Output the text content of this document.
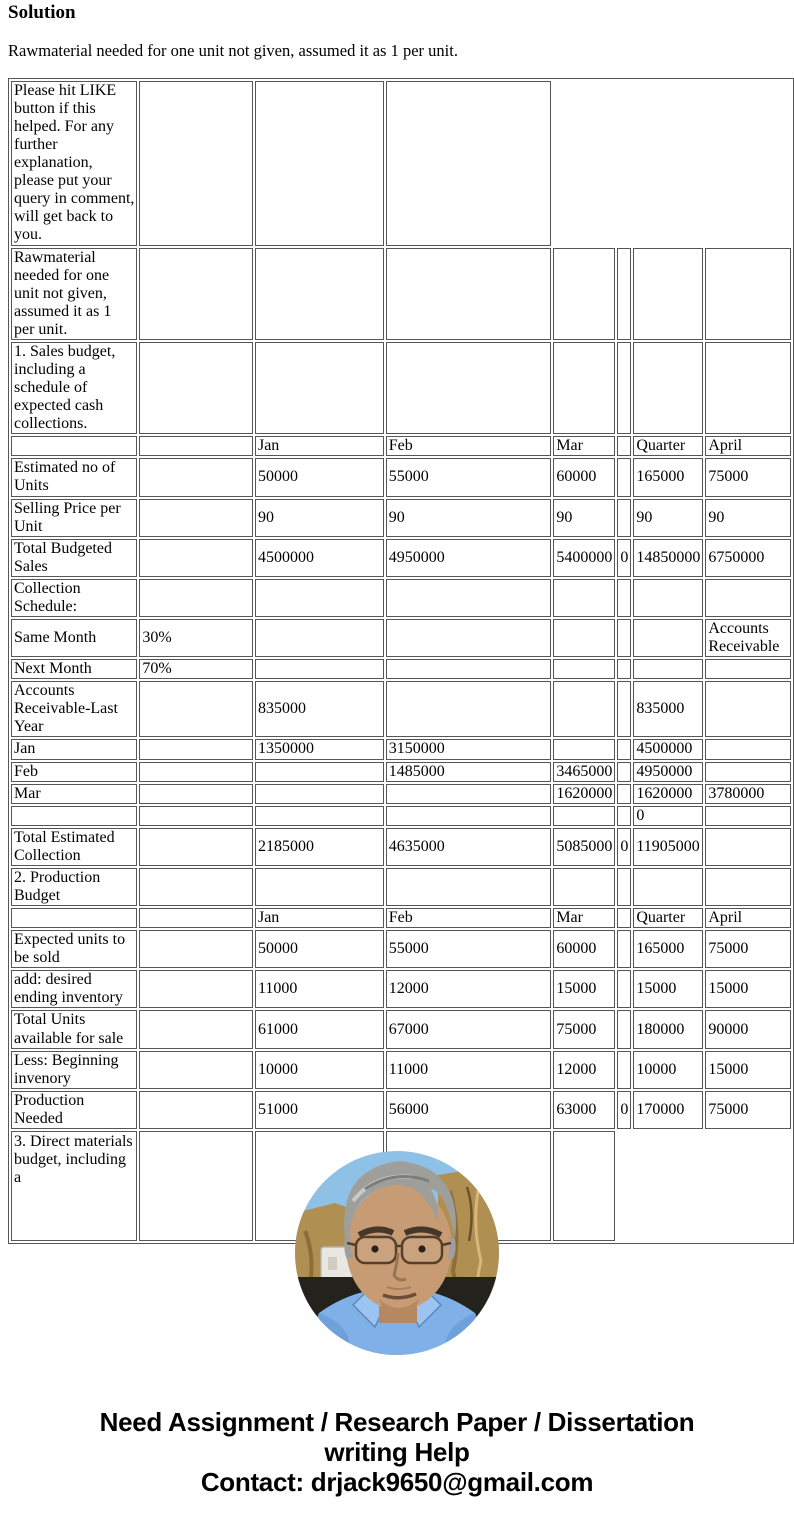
Solution

Rawmaterial needed for one unit not given, assumed it as 1 per unit.

Please hit LIKE button if this helped. For any further explanation, please put your query in comment, will get back to you.							
Rawmaterial needed for one unit not given, assumed it as 1 per unit.							
1. Sales budget, including a schedule of expected cash collections.							
		Jan	Feb	Mar		Quarter	April
Estimated no of Units		50000	55000	60000		165000	75000
Selling Price per Unit		90	90	90		90	90
Total Budgeted Sales		4500000	4950000	5400000	0	14850000	6750000
Collection Schedule:							
Same Month	30%						Accounts Receivable
Next Month	70%						
Accounts Receivable-Last Year		835000				835000	
Jan		1350000	3150000			4500000	
Feb			1485000	3465000		4950000	
Mar				1620000		1620000	3780000
						0	
Total Estimated Collection		2185000	4635000	5085000	0	11905000	
2. Production Budget							
		Jan	Feb	Mar		Quarter	April
Expected units to be sold		50000	55000	60000		165000	75000
add: desired ending inventory		11000	12000	15000		15000	15000
Total Units available for sale		61000	67000	75000		180000	90000
Less: Beginning invenory		10000	11000	12000		10000	15000
Production Needed		51000	56000	63000	0	170000	75000
3. Direct materials budget, including a							
Need Assignment / Research Paper / Dissertation
writing Help
Contact: drjack9650@gmail.com
